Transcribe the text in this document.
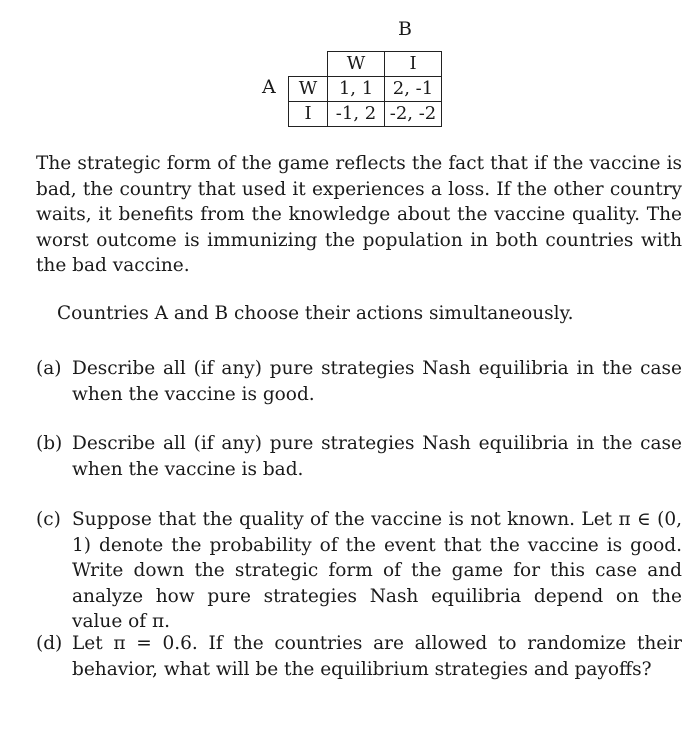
B
A
	W	I
W	1, 1	2, -1
I	-1, 2	-2, -2

The strategic form of the game reflects the fact that if the vaccine is bad, the country that used it experiences a loss. If the other country waits, it benefits from the knowledge about the vaccine quality. The worst outcome is immunizing the population in both countries with the bad vaccine.

Countries A and B choose their actions simultaneously.

(a) Describe all (if any) pure strategies Nash equilibria in the case when the vaccine is good.
(b) Describe all (if any) pure strategies Nash equilibria in the case when the vaccine is bad.
(c) Suppose that the quality of the vaccine is not known. Let π ∈ (0, 1) denote the probability of the event that the vaccine is good. Write down the strategic form of the game for this case and analyze how pure strategies Nash equilibria depend on the value of π.
(d) Let π = 0.6. If the countries are allowed to randomize their behavior, what will be the equilibrium strategies and payoffs?
